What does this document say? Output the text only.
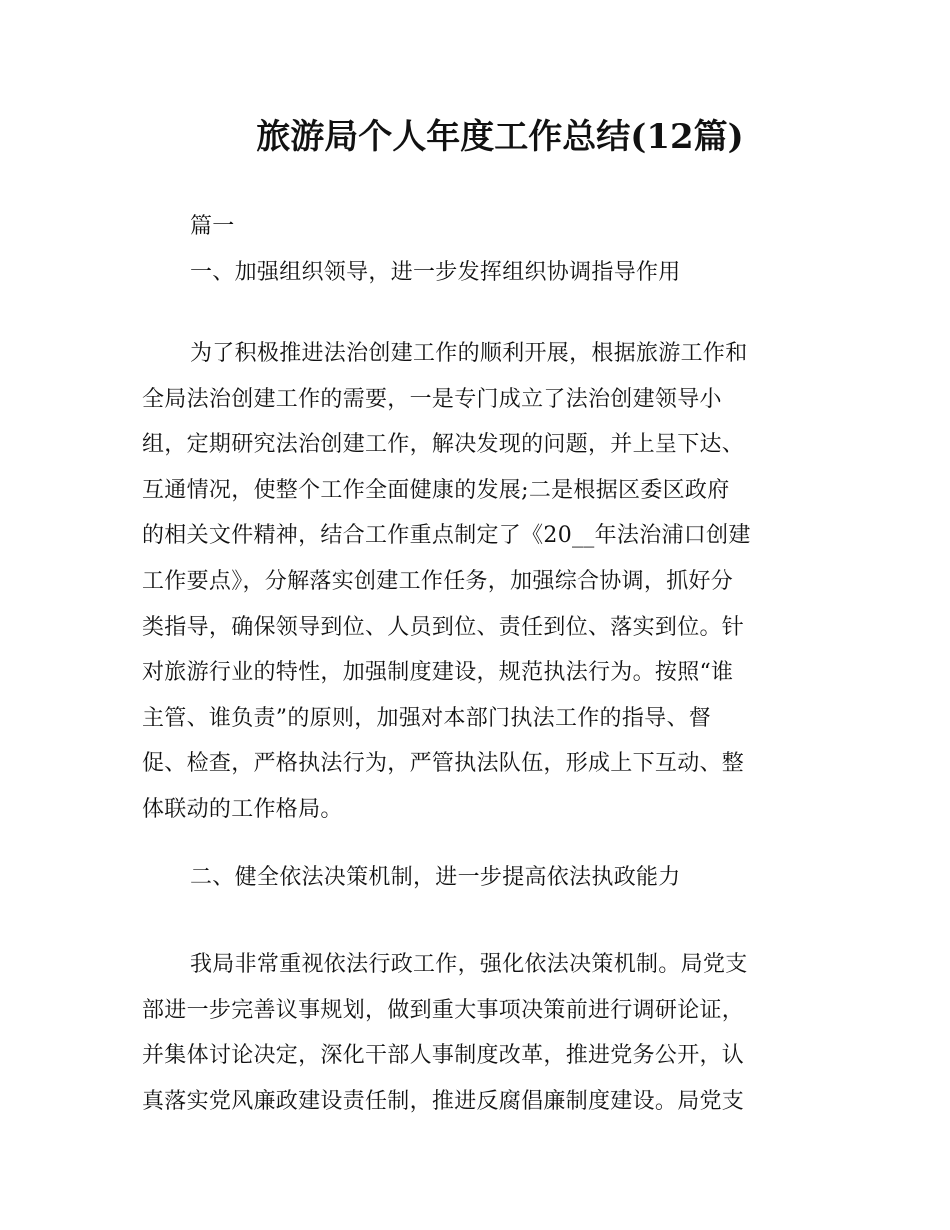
旅游局个人年度工作总结(12篇)
篇一
一、加强组织领导，进一步发挥组织协调指导作用
为了积极推进法治创建工作的顺利开展，根据旅游工作和
全局法治创建工作的需要，一是专门成立了法治创建领导小
组，定期研究法治创建工作，解决发现的问题，并上呈下达、
互通情况，使整个工作全面健康的发展;二是根据区委区政府
的相关文件精神，结合工作重点制定了《20__年法治浦口创建
工作要点》，分解落实创建工作任务，加强综合协调，抓好分
类指导，确保领导到位、人员到位、责任到位、落实到位。针
对旅游行业的特性，加强制度建设，规范执法行为。按照“谁
主管、谁负责”的原则，加强对本部门执法工作的指导、督
促、检查，严格执法行为，严管执法队伍，形成上下互动、整
体联动的工作格局。
二、健全依法决策机制，进一步提高依法执政能力
我局非常重视依法行政工作，强化依法决策机制。局党支
部进一步完善议事规划，做到重大事项决策前进行调研论证，
并集体讨论决定，深化干部人事制度改革，推进党务公开，认
真落实党风廉政建设责任制，推进反腐倡廉制度建设。局党支
